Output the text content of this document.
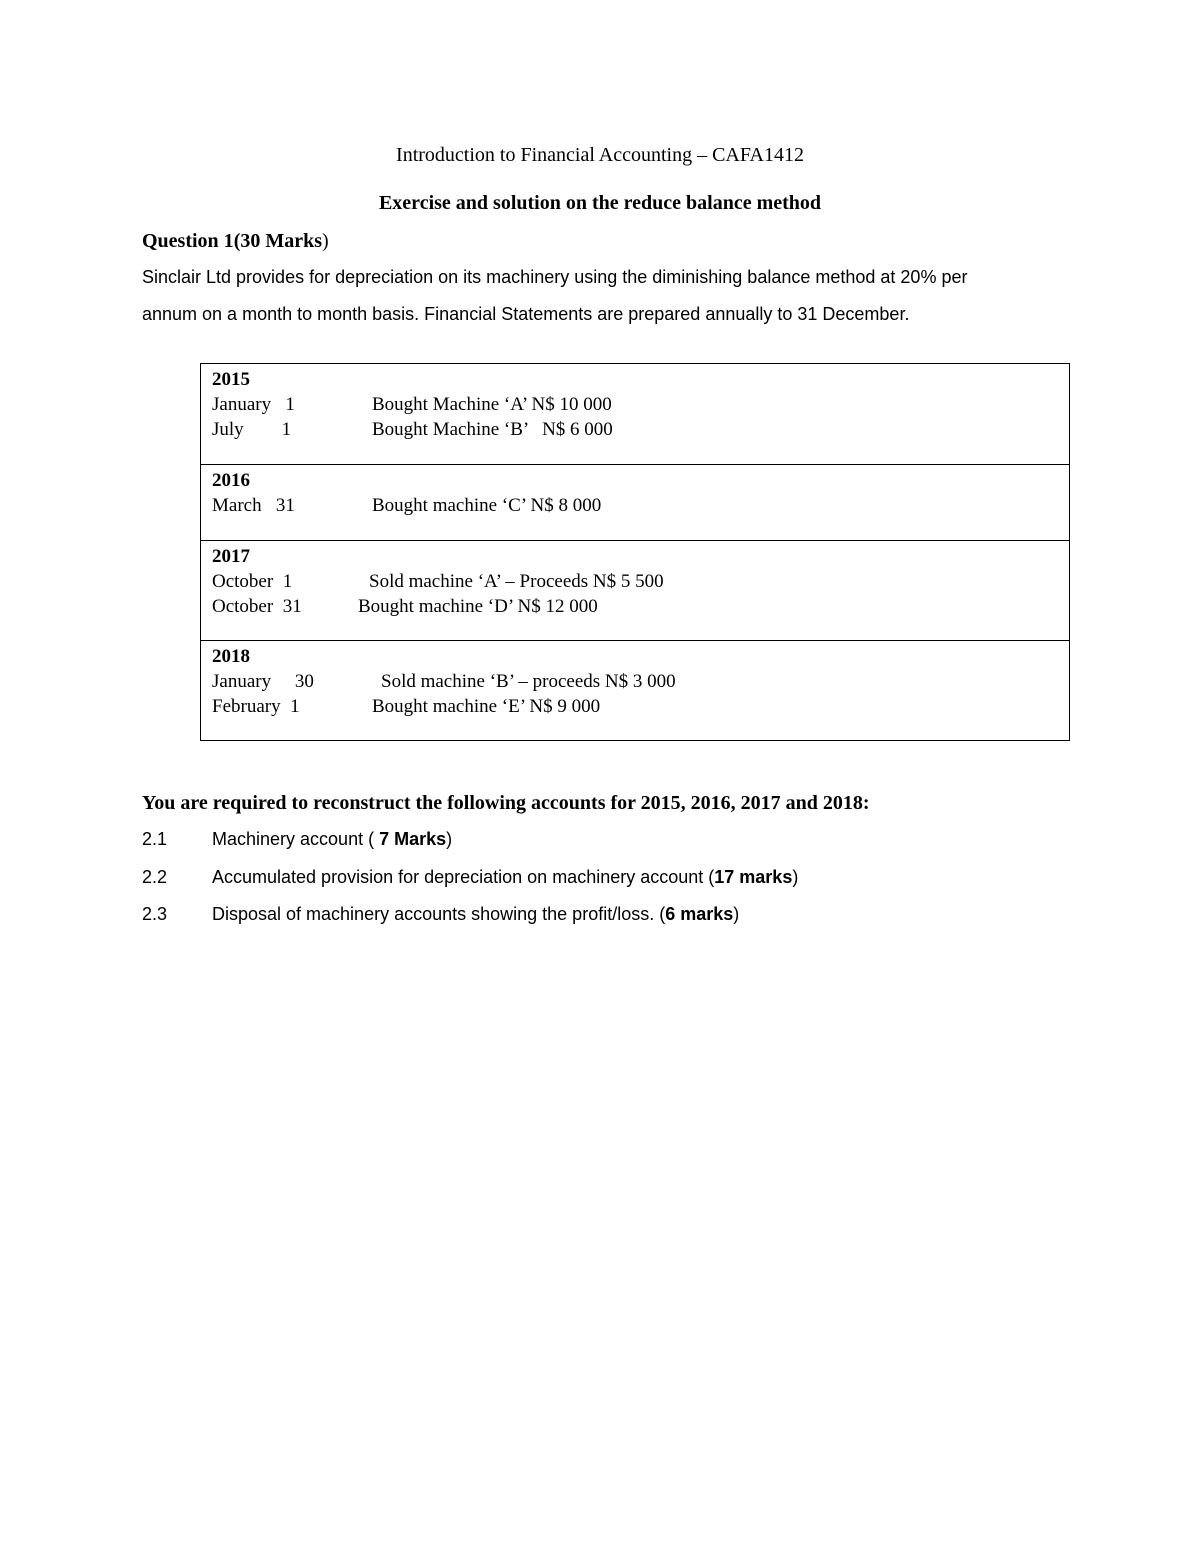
Introduction to Financial Accounting – CAFA1412
Exercise and solution on the reduce balance method
Question 1(30 Marks)
Sinclair Ltd provides for depreciation on its machinery using the diminishing balance method at 20% per
annum on a month to month basis. Financial Statements are prepared annually to 31 December.
2015
January   1	Bought Machine ‘A’ N$ 10 000
July        1	Bought Machine ‘B’   N$ 6 000
2016
March   31	Bought machine ‘C’ N$ 8 000
2017
October  1	Sold machine ‘A’ – Proceeds N$ 5 500
October  31	Bought machine ‘D’ N$ 12 000
2018
January     30	Sold machine ‘B’ – proceeds N$ 3 000
February  1	Bought machine ‘E’ N$ 9 000
You are required to reconstruct the following accounts for 2015, 2016, 2017 and 2018:
2.1 Machinery account ( 7 Marks)
2.2 Accumulated provision for depreciation on machinery account (17 marks)
2.3 Disposal of machinery accounts showing the profit/loss. (6 marks)
